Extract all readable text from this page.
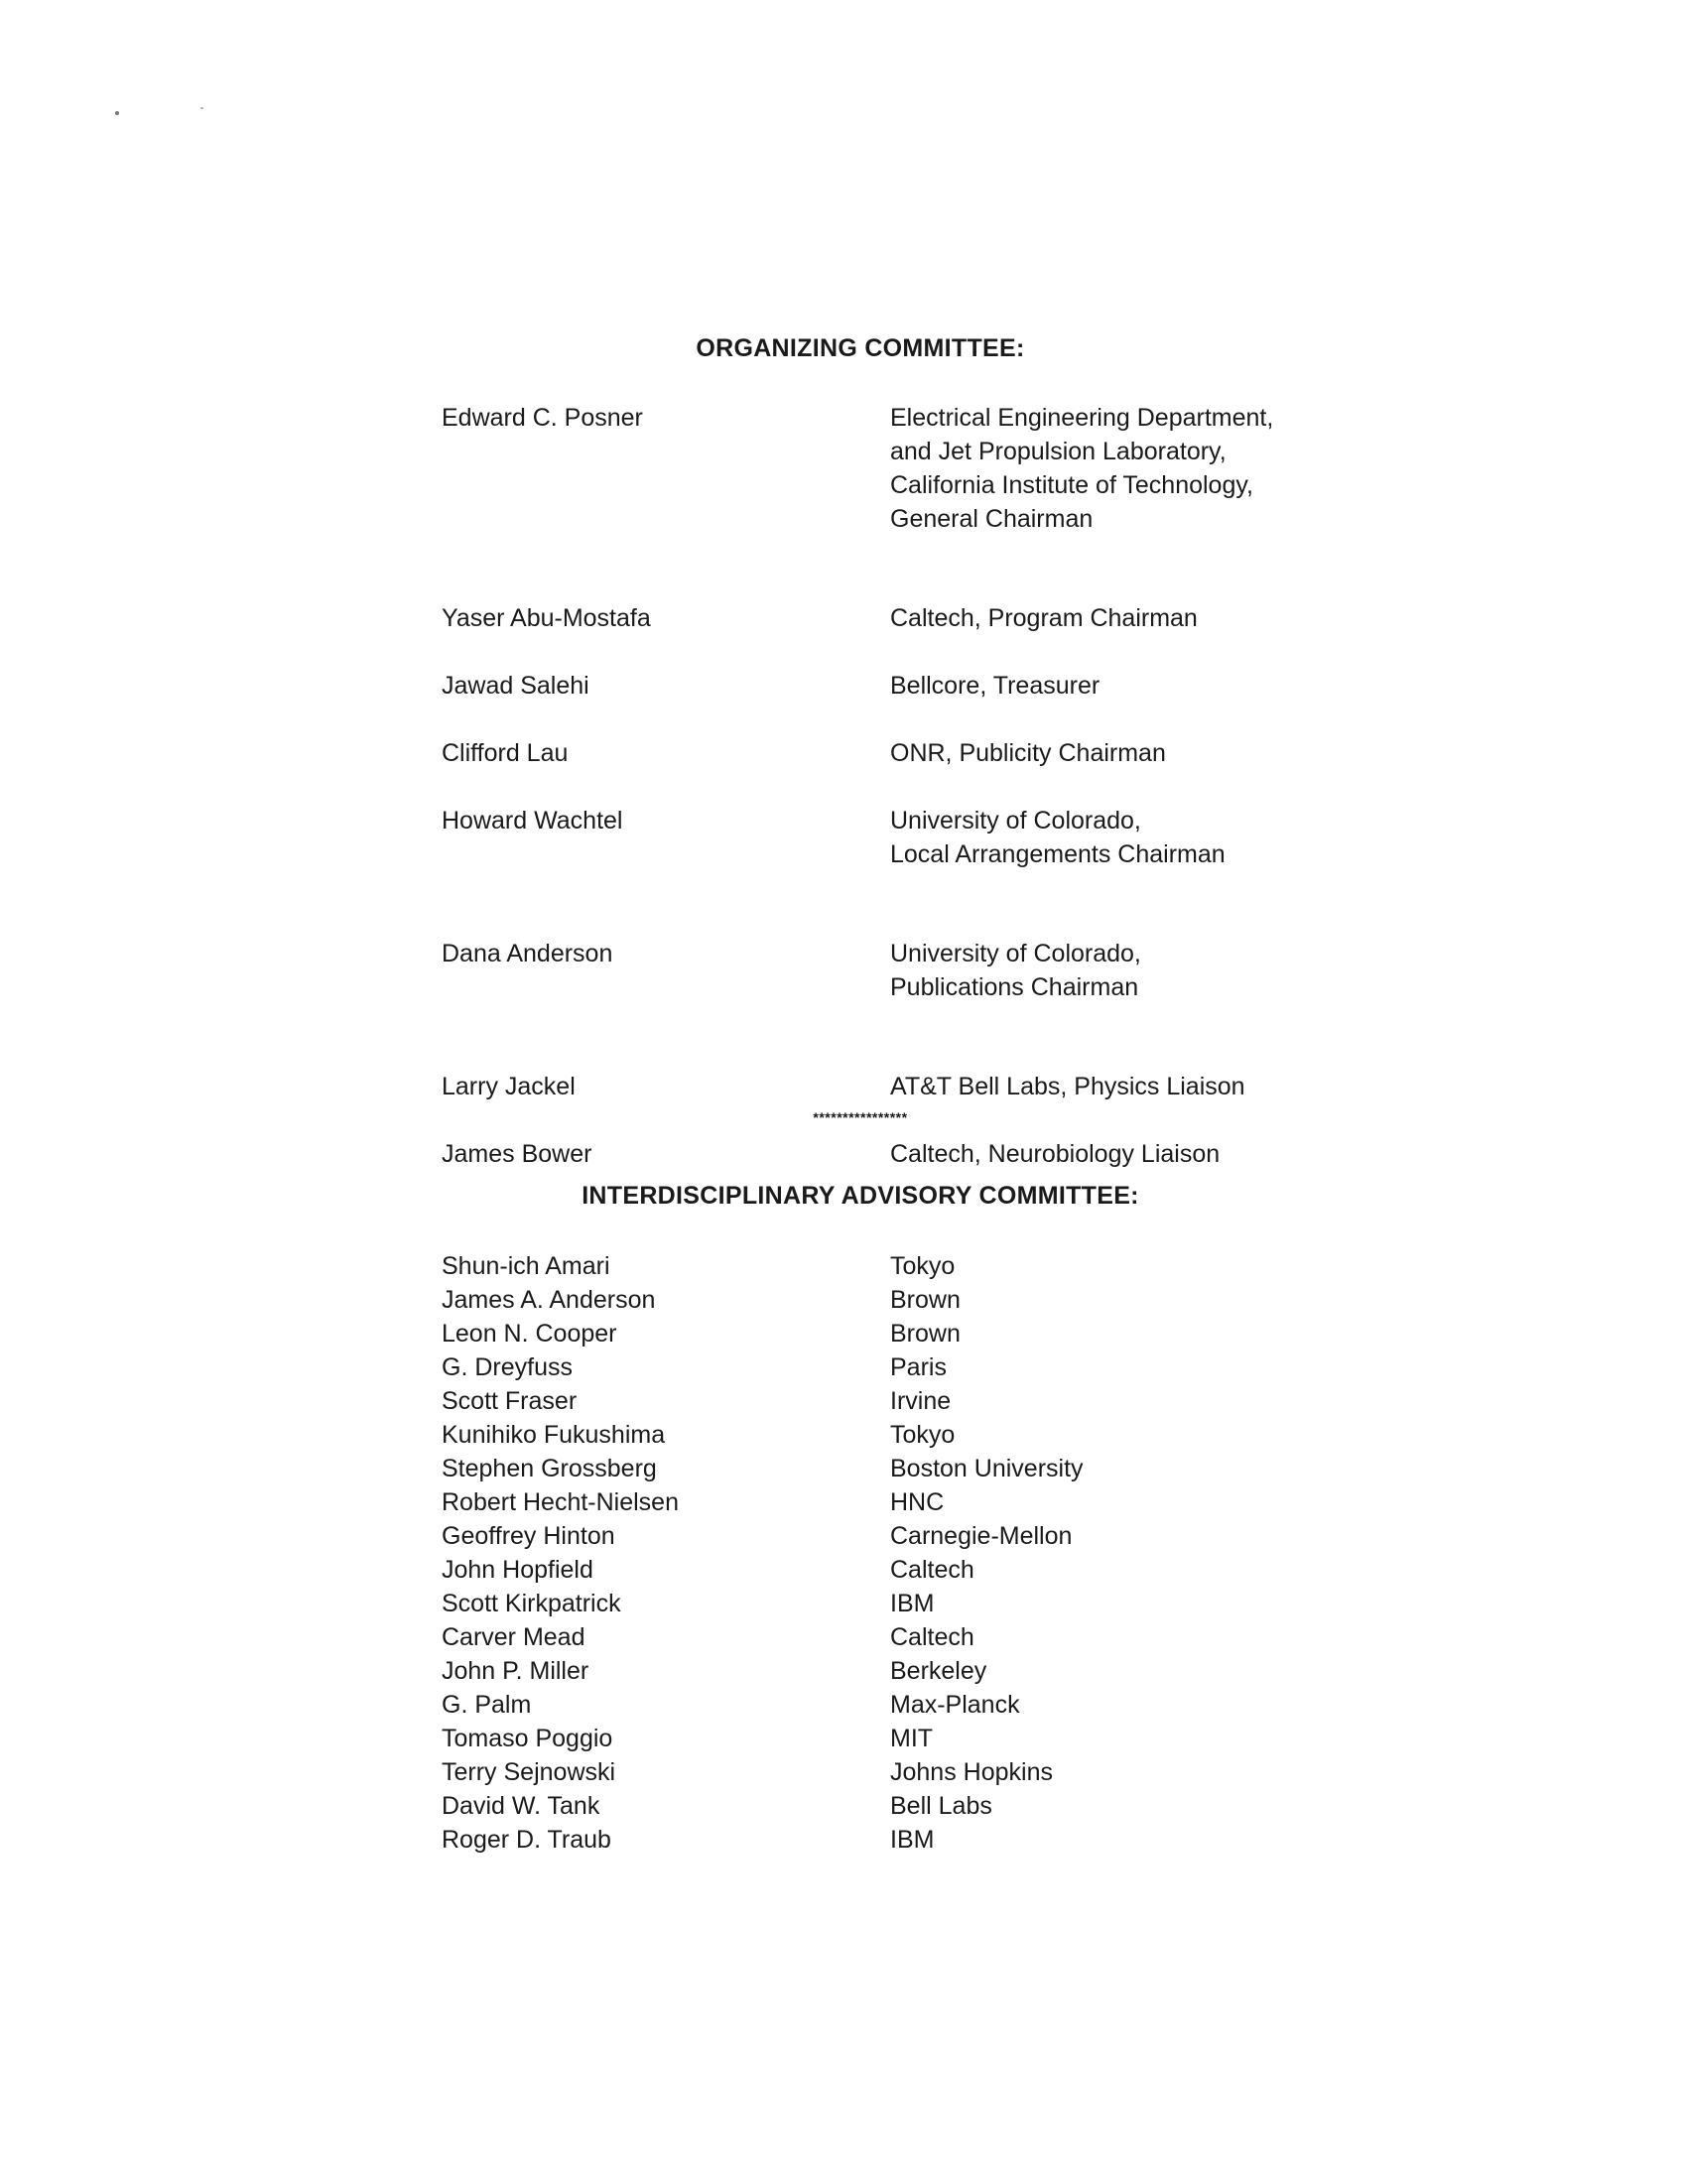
ORGANIZING COMMITTEE:
Edward C. Posner	Electrical Engineering Department,
and Jet Propulsion Laboratory,
California Institute of Technology,
General Chairman
Yaser Abu-Mostafa	Caltech, Program Chairman
Jawad Salehi	Bellcore, Treasurer
Clifford Lau	ONR, Publicity Chairman
Howard Wachtel	University of Colorado,
Local Arrangements Chairman
Dana Anderson	University of Colorado,
Publications Chairman
Larry Jackel	AT&T Bell Labs, Physics Liaison
James Bower	Caltech, Neurobiology Liaison
****************
INTERDISCIPLINARY ADVISORY COMMITTEE:
Shun-ich Amari	Tokyo
James A. Anderson	Brown
Leon N. Cooper	Brown
G. Dreyfuss	Paris
Scott Fraser	Irvine
Kunihiko Fukushima	Tokyo
Stephen Grossberg	Boston University
Robert Hecht-Nielsen	HNC
Geoffrey Hinton	Carnegie-Mellon
John Hopfield	Caltech
Scott Kirkpatrick	IBM
Carver Mead	Caltech
John P. Miller	Berkeley
G. Palm	Max-Planck
Tomaso Poggio	MIT
Terry Sejnowski	Johns Hopkins
David W. Tank	Bell Labs
Roger D. Traub	IBM
